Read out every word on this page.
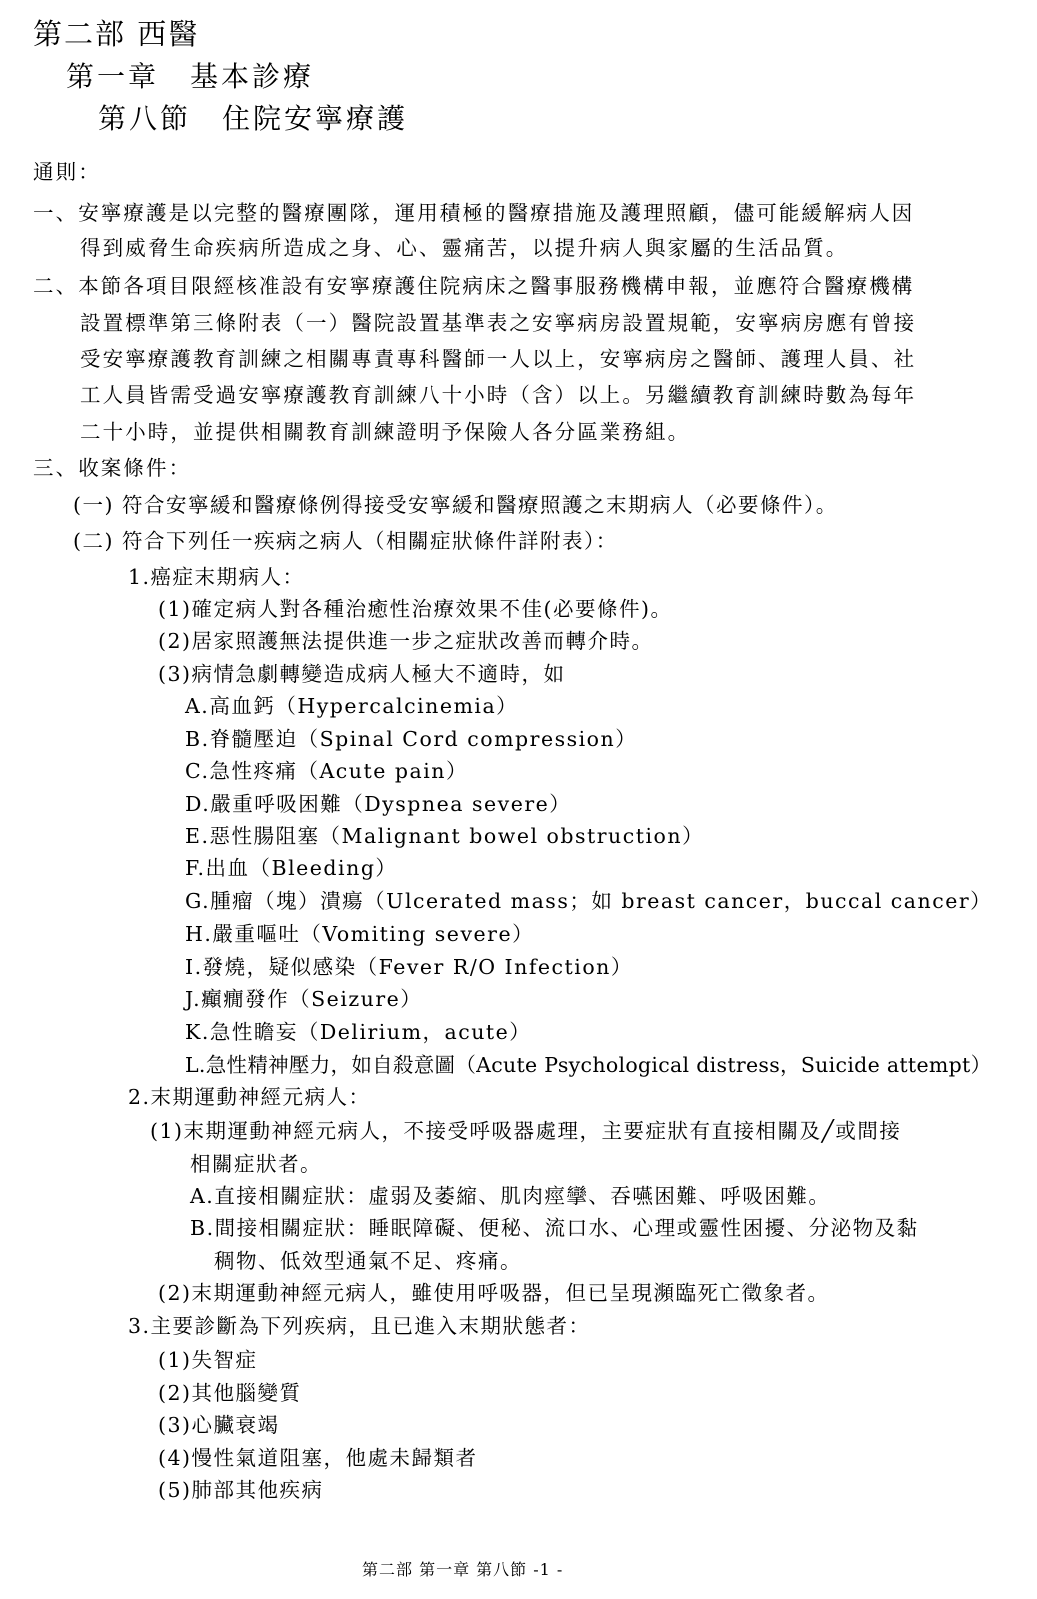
第二部 西醫
第一章　基本診療
第八節　住院安寧療護
通則：
一、安寧療護是以完整的醫療團隊，運用積極的醫療措施及護理照顧，儘可能緩解病人因
得到威脅生命疾病所造成之身、心、靈痛苦，以提升病人與家屬的生活品質。
二、本節各項目限經核准設有安寧療護住院病床之醫事服務機構申報，並應符合醫療機構
設置標準第三條附表（一）醫院設置基準表之安寧病房設置規範，安寧病房應有曾接
受安寧療護教育訓練之相關專責專科醫師一人以上，安寧病房之醫師、護理人員、社
工人員皆需受過安寧療護教育訓練八十小時（含）以上。另繼續教育訓練時數為每年
二十小時，並提供相關教育訓練證明予保險人各分區業務組。
三、收案條件：
(一) 符合安寧緩和醫療條例得接受安寧緩和醫療照護之末期病人（必要條件）。
(二) 符合下列任一疾病之病人（相關症狀條件詳附表）：
1.癌症末期病人：
(1)確定病人對各種治癒性治療效果不佳(必要條件)。
(2)居家照護無法提供進一步之症狀改善而轉介時。
(3)病情急劇轉變造成病人極大不適時，如
A.高血鈣（Hypercalcinemia）
B.脊髓壓迫（Spinal Cord compression）
C.急性疼痛（Acute pain）
D.嚴重呼吸困難（Dyspnea severe）
E.惡性腸阻塞（Malignant bowel obstruction）
F.出血（Bleeding）
G.腫瘤（塊）潰瘍（Ulcerated mass；如 breast cancer，buccal cancer）
H.嚴重嘔吐（Vomiting severe）
I.發燒，疑似感染（Fever R/O Infection）
J.癲癇發作（Seizure）
K.急性瞻妄（Delirium，acute）
L.急性精神壓力，如自殺意圖（Acute Psychological distress，Suicide attempt）
2.末期運動神經元病人：
(1)末期運動神經元病人，不接受呼吸器處理，主要症狀有直接相關及╱或間接
相關症狀者。
A.直接相關症狀：虛弱及萎縮、肌肉痙攣、吞嚥困難、呼吸困難。
B.間接相關症狀：睡眠障礙、便秘、流口水、心理或靈性困擾、分泌物及黏
稠物、低效型通氣不足、疼痛。
(2)末期運動神經元病人，雖使用呼吸器，但已呈現瀕臨死亡徵象者。
3.主要診斷為下列疾病，且已進入末期狀態者：
(1)失智症
(2)其他腦變質
(3)心臟衰竭
(4)慢性氣道阻塞，他處未歸類者
(5)肺部其他疾病
第二部 第一章 第八節 -1 -
